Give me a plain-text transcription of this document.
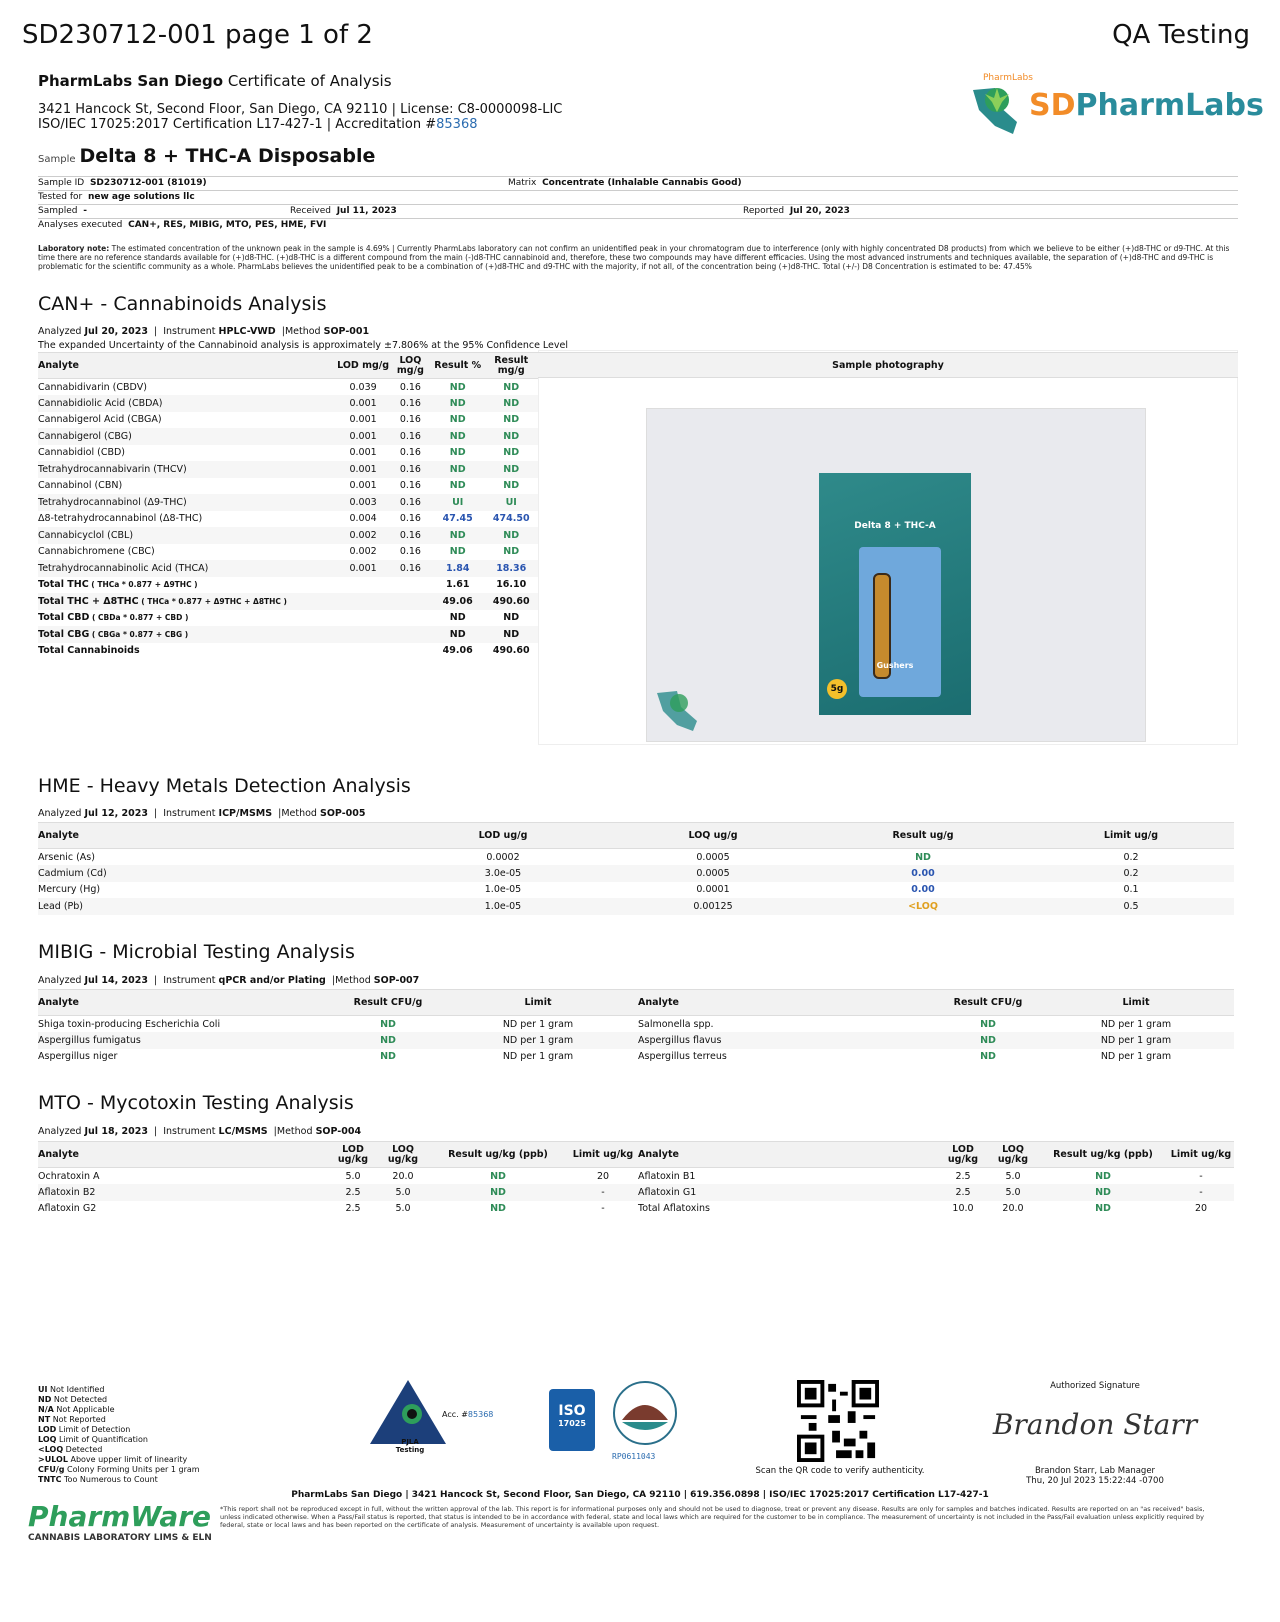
SD230712-001 page 1 of 2	QA Testing
PharmLabs San Diego Certificate of Analysis
3421 Hancock St, Second Floor, San Diego, CA 92110 | License: C8-0000098-LIC
ISO/IEC 17025:2017 Certification L17-427-1 | Accreditation #85368
PharmLabs
SDPharmLabs
Sample Delta 8 + THC-A Disposable
Sample ID SD230712-001 (81019)	Matrix Concentrate (Inhalable Cannabis Good)
Tested for new age solutions llc
Sampled -	Received Jul 11, 2023	Reported Jul 20, 2023
Analyses executed CAN+, RES, MIBIG, MTO, PES, HME, FVI
Laboratory note: The estimated concentration of the unknown peak in the sample is 4.69% | Currently PharmLabs laboratory can not confirm an unidentified peak in your chromatogram due to interference (only with highly concentrated D8 products) from which we believe to be either (+)d8-THC or d9-THC. At this time there are no reference standards available for (+)d8-THC. (+)d8-THC is a different compound from the main (-)d8-THC cannabinoid and, therefore, these two compounds may have different efficacies. Using the most advanced instruments and techniques available, the separation of (+)d8-THC and d9-THC is problematic for the scientific community as a whole. PharmLabs believes the unidentified peak to be a combination of (+)d8-THC and d9-THC with the majority, if not all, of the concentration being (+)d8-THC. Total (+/-) D8 Concentration is estimated to be: 47.45%
CAN+ - Cannabinoids Analysis
Analyzed Jul 20, 2023  |  Instrument HPLC-VWD  |Method SOP-001
The expanded Uncertainty of the Cannabinoid analysis is approximately ±7.806% at the 95% Confidence Level
Sample photography
Delta 8 + THC-A
Gushers
5g
Analyte	LOD mg/g	LOQ mg/g	Result %	Result mg/g
Cannabidivarin (CBDV)	0.039	0.16	ND	ND
Cannabidiolic Acid (CBDA)	0.001	0.16	ND	ND
Cannabigerol Acid (CBGA)	0.001	0.16	ND	ND
Cannabigerol (CBG)	0.001	0.16	ND	ND
Cannabidiol (CBD)	0.001	0.16	ND	ND
Tetrahydrocannabivarin (THCV)	0.001	0.16	ND	ND
Cannabinol (CBN)	0.001	0.16	ND	ND
Tetrahydrocannabinol (Δ9-THC)	0.003	0.16	UI	UI
Δ8-tetrahydrocannabinol (Δ8-THC)	0.004	0.16	47.45	474.50
Cannabicyclol (CBL)	0.002	0.16	ND	ND
Cannabichromene (CBC)	0.002	0.16	ND	ND
Tetrahydrocannabinolic Acid (THCA)	0.001	0.16	1.84	18.36
Total THC ( THCa * 0.877 + Δ9THC )			1.61	16.10
Total THC + Δ8THC ( THCa * 0.877 + Δ9THC + Δ8THC )			49.06	490.60
Total CBD ( CBDa * 0.877 + CBD )			ND	ND
Total CBG ( CBGa * 0.877 + CBG )			ND	ND
Total Cannabinoids			49.06	490.60
HME - Heavy Metals Detection Analysis
Analyzed Jul 12, 2023  |  Instrument ICP/MSMS  |Method SOP-005
Analyte	LOD ug/g	LOQ ug/g	Result ug/g	Limit ug/g
Arsenic (As)	0.0002	0.0005	ND	0.2
Cadmium (Cd)	3.0e-05	0.0005	0.00	0.2
Mercury (Hg)	1.0e-05	0.0001	0.00	0.1
Lead (Pb)	1.0e-05	0.00125	<LOQ	0.5
MIBIG - Microbial Testing Analysis
Analyzed Jul 14, 2023  |  Instrument qPCR and/or Plating  |Method SOP-007
Analyte	Result CFU/g	Limit	Analyte	Result CFU/g	Limit
Shiga toxin-producing Escherichia Coli	ND	ND per 1 gram	Salmonella spp.	ND	ND per 1 gram
Aspergillus fumigatus	ND	ND per 1 gram	Aspergillus flavus	ND	ND per 1 gram
Aspergillus niger	ND	ND per 1 gram	Aspergillus terreus	ND	ND per 1 gram
MTO - Mycotoxin Testing Analysis
Analyzed Jul 18, 2023  |  Instrument LC/MSMS  |Method SOP-004
Analyte	LOD ug/kg	LOQ ug/kg	Result ug/kg (ppb)	Limit ug/kg	Analyte	LOD ug/kg	LOQ ug/kg	Result ug/kg (ppb)	Limit ug/kg
Ochratoxin A	5.0	20.0	ND	20	Aflatoxin B1	2.5	5.0	ND	-
Aflatoxin B2	2.5	5.0	ND	-	Aflatoxin G1	2.5	5.0	ND	-
Aflatoxin G2	2.5	5.0	ND	-	Total Aflatoxins	10.0	20.0	ND	20
UI Not Identified
ND Not Detected
N/A Not Applicable
NT Not Reported
LOD Limit of Detection
LOQ Limit of Quantification
<LOQ Detected
>ULOL Above upper limit of linearity
CFU/g Colony Forming Units per 1 gram
TNTC Too Numerous to Count
Acc. #85368
PJLA
Testing
ISO
17025
RP0611043
Scan the QR code to verify authenticity.
Authorized Signature
Brandon Starr
Brandon Starr, Lab Manager
Thu, 20 Jul 2023 15:22:44 -0700
PharmLabs San Diego | 3421 Hancock St, Second Floor, San Diego, CA 92110 | 619.356.0898 | ISO/IEC 17025:2017 Certification L17-427-1
*This report shall not be reproduced except in full, without the written approval of the lab. This report is for informational purposes only and should not be used to diagnose, treat or prevent any disease. Results are only for samples and batches indicated. Results are reported on an "as received" basis, unless indicated otherwise. When a Pass/Fail status is reported, that status is intended to be in accordance with federal, state and local laws which are required for the customer to be in compliance. The measurement of uncertainty is not included in the Pass/Fail evaluation unless explicitly required by federal, state or local laws and has been reported on the certificate of analysis. Measurement of uncertainty is available upon request.
PharmWare
CANNABIS LABORATORY LIMS & ELN
